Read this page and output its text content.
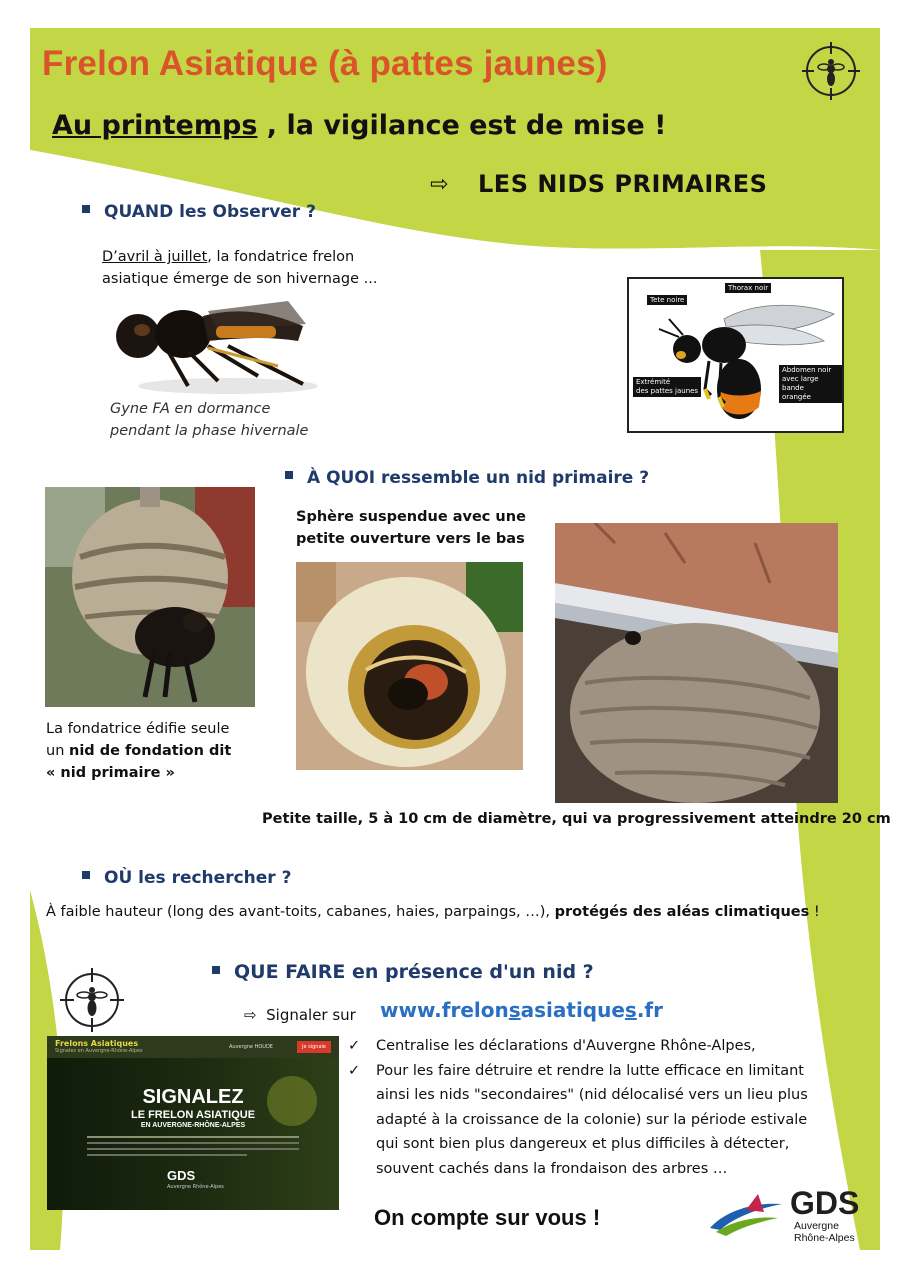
Frelon Asiatique (à pattes jaunes)
Au printemps , la vigilance est de mise !
⇨ LES NIDS PRIMAIRES
QUAND les Observer ?
D’avril à juillet, la fondatrice frelon
asiatique émerge de son hivernage ...
Gyne FA en dormance
pendant la phase hivernale
Tete noire
Thorax noir
Abdomen noir
avec large bande
orangée
Extrémité
des pattes jaunes
À QUOI ressemble un nid primaire ?
La fondatrice édifie seule
un nid de fondation dit
« nid primaire »
Sphère suspendue avec une
petite ouverture vers le bas
Petite taille, 5 à 10 cm de diamètre, qui va progressivement atteindre 20 cm
OÙ les rechercher ?
À faible hauteur (long des avant-toits, cabanes, haies, parpaings, …), protégés des aléas climatiques !
QUE FAIRE en présence d'un nid ?
⇨ Signaler sur www.frelonsasiatiques.fr
Frelons Asiatiques
Signalez en Auvergne-Rhône-Alpes
Auvergne HOUDE	Je signale
SIGNALEZ
LE FRELON ASIATIQUE
EN AUVERGNE-RHÔNE-ALPES
GDS
Auvergne Rhône-Alpes
✓	Centralise les déclarations d'Auvergne Rhône-Alpes,
✓	Pour les faire détruire et rendre la lutte efficace en limitant ainsi les nids "secondaires" (nid délocalisé vers un lieu plus adapté à la croissance de la colonie) sur la période estivale qui sont bien plus dangereux et plus difficiles à détecter, souvent cachés dans la frondaison des arbres …
On compte sur vous !	GDS
Auvergne
Rhône-Alpes
